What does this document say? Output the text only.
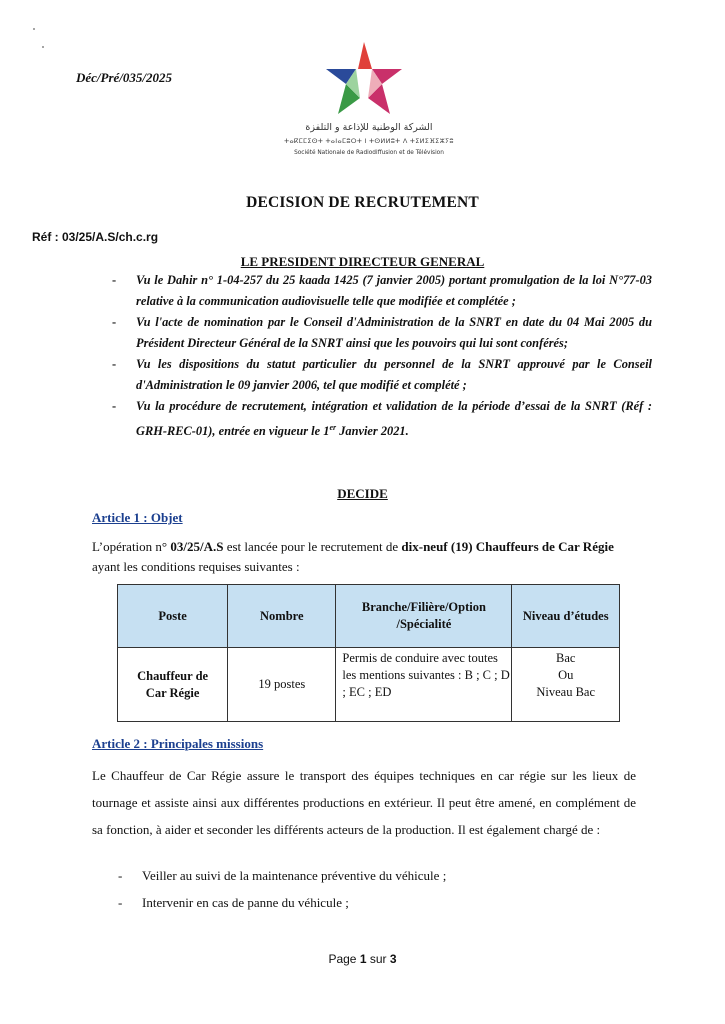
Déc/Pré/035/2025
الشركة الوطنية للإذاعة و التلفزة
ⵜⴰⴽⵎⵎⵉⵙⵜ ⵜⴰⵏⴰⵎⵓⵔⵜ ⵏ ⵜⵙⵍⵍⵓⵜ ⴷ ⵜⵉⵍⵉⴼⵉⵣⵢⵓ
Société Nationale de Radiodiffusion et de Télévision
DECISION DE RECRUTEMENT
Réf : 03/25/A.S/ch.c.rg
LE PRESIDENT DIRECTEUR GENERAL
- Vu le Dahir n° 1-04-257 du 25 kaada 1425 (7 janvier 2005) portant promulgation de la loi N°77-03 relative à la communication audiovisuelle telle que modifiée et complétée ;
- Vu l'acte de nomination par le Conseil d'Administration de la SNRT en date du 04 Mai 2005 du Président Directeur Général de la SNRT ainsi que les pouvoirs qui lui sont conférés;
- Vu les dispositions du statut particulier du personnel de la SNRT approuvé par le Conseil d'Administration le 09 janvier 2006, tel que modifié et complété ;
- Vu la procédure de recrutement, intégration et validation de la période d’essai de la SNRT (Réf : GRH-REC-01), entrée en vigueur le 1er Janvier 2021.
DECIDE
Article 1 : Objet
L’opération n° 03/25/A.S est lancée pour le recrutement de dix-neuf (19) Chauffeurs de Car Régie ayant les conditions requises suivantes :
Poste	Nombre	Branche/Filière/Option /Spécialité	Niveau d’études
Chauffeur de Car Régie	19 postes	Permis de conduire avec toutes les mentions suivantes : B ; C ; D ; EC ; ED	Bac
Ou
Niveau Bac
Article 2 : Principales missions
Le Chauffeur de Car Régie assure le transport des équipes techniques en car régie sur les lieux de tournage et assiste ainsi aux différentes productions en extérieur. Il peut être amené, en complément de sa fonction, à aider et seconder les différents acteurs de la production. Il est également chargé de :
- Veiller au suivi de la maintenance préventive du véhicule ;
- Intervenir en cas de panne du véhicule ;
Page 1 sur 3
